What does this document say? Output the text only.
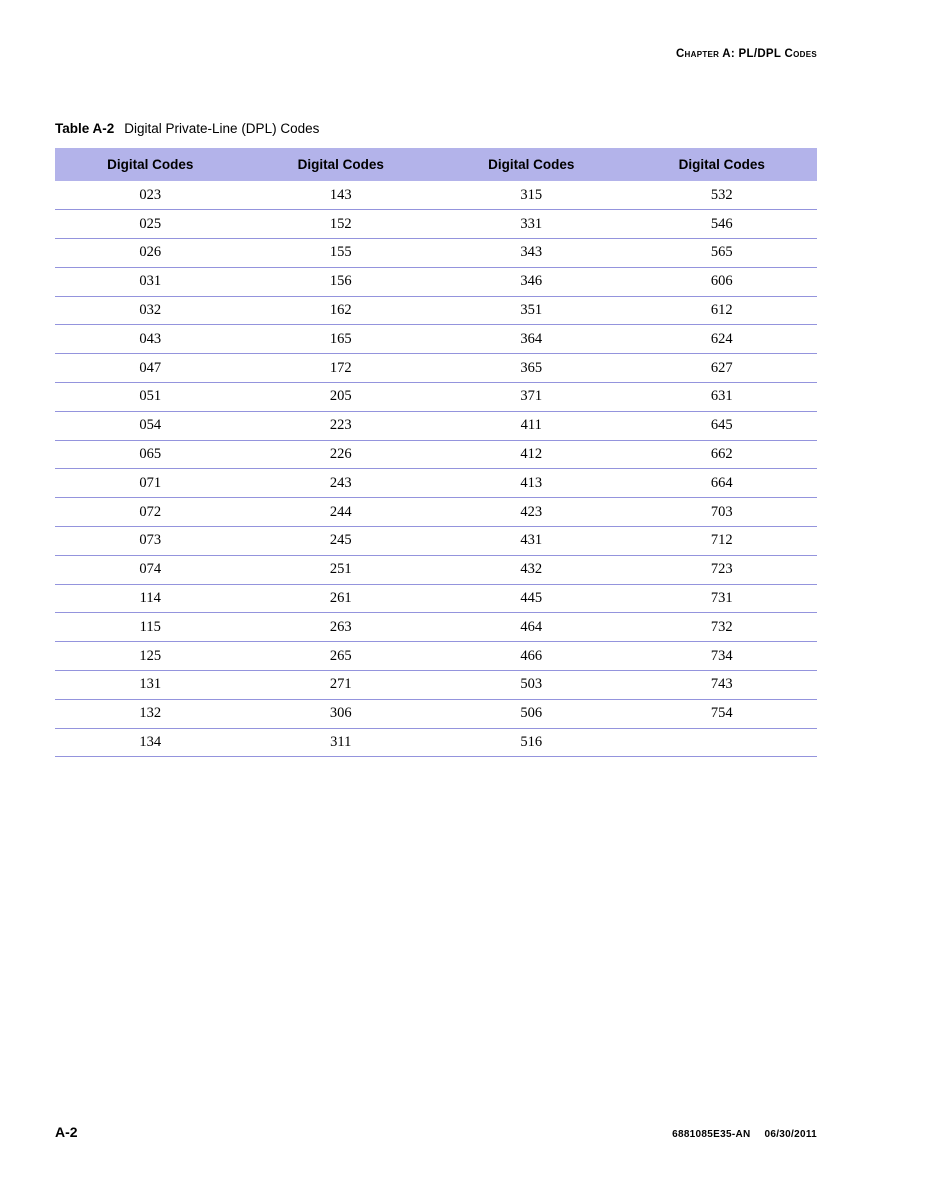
Chapter A: PL/DPL Codes
Table A-2 Digital Private-Line (DPL) Codes
Digital Codes	Digital Codes	Digital Codes	Digital Codes
023	143	315	532
025	152	331	546
026	155	343	565
031	156	346	606
032	162	351	612
043	165	364	624
047	172	365	627
051	205	371	631
054	223	411	645
065	226	412	662
071	243	413	664
072	244	423	703
073	245	431	712
074	251	432	723
114	261	445	731
115	263	464	732
125	265	466	734
131	271	503	743
132	306	506	754
134	311	516	
A-2	6881085E35-AN 06/30/2011
